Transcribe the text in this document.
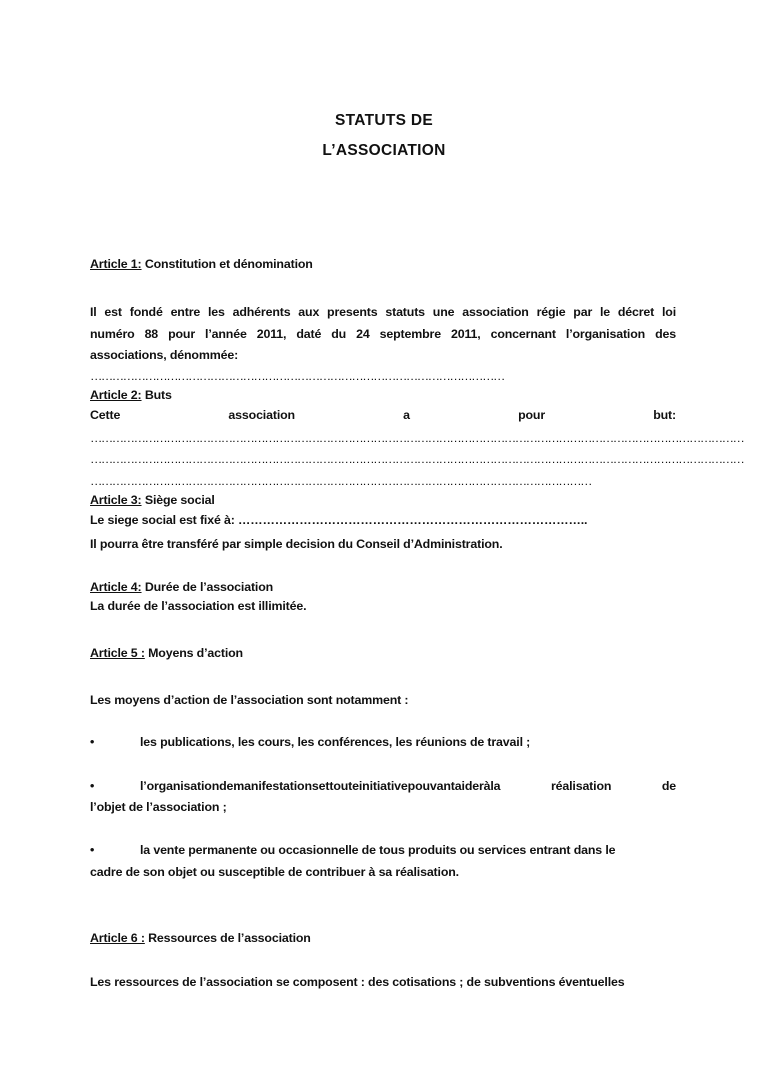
STATUTS DE
L’ASSOCIATION
Article 1: Constitution et dénomination
Il est fondé entre les adhérents aux presents statuts une association régie par le décret loi
numéro 88 pour l’année 2011, daté du 24 septembre 2011, concernant l’organisation des
associations, dénommée:
……………………………………………………………………………………………………
Article 2: Buts
Cette association a pour but:
………………………………………………………………………………………………………………………………………………………………
………………………………………………………………………………………………………………………………………………………………
…………………………………………………………………………………………………………………………
Article 3: Siège social
Le siege social est fixé à: …………………………………………………………………………..
Il pourra être transféré par simple decision du Conseil d’Administration.
Article 4: Durée de l’association
La durée de l’association est illimitée.
Article 5 : Moyens d’action
Les moyens d’action de l’association sont notamment :
•	les publications, les cours, les conférences, les réunions de travail ;
•	l’organisationdemanifestationsettouteinitiativepouvantaideràla réalisation de
l’objet de l’association ;
•	la vente permanente ou occasionnelle de tous produits ou services entrant dans le
cadre de son objet ou susceptible de contribuer à sa réalisation.
Article 6 : Ressources de l’association
Les ressources de l’association se composent : des cotisations ; de subventions éventuelles
